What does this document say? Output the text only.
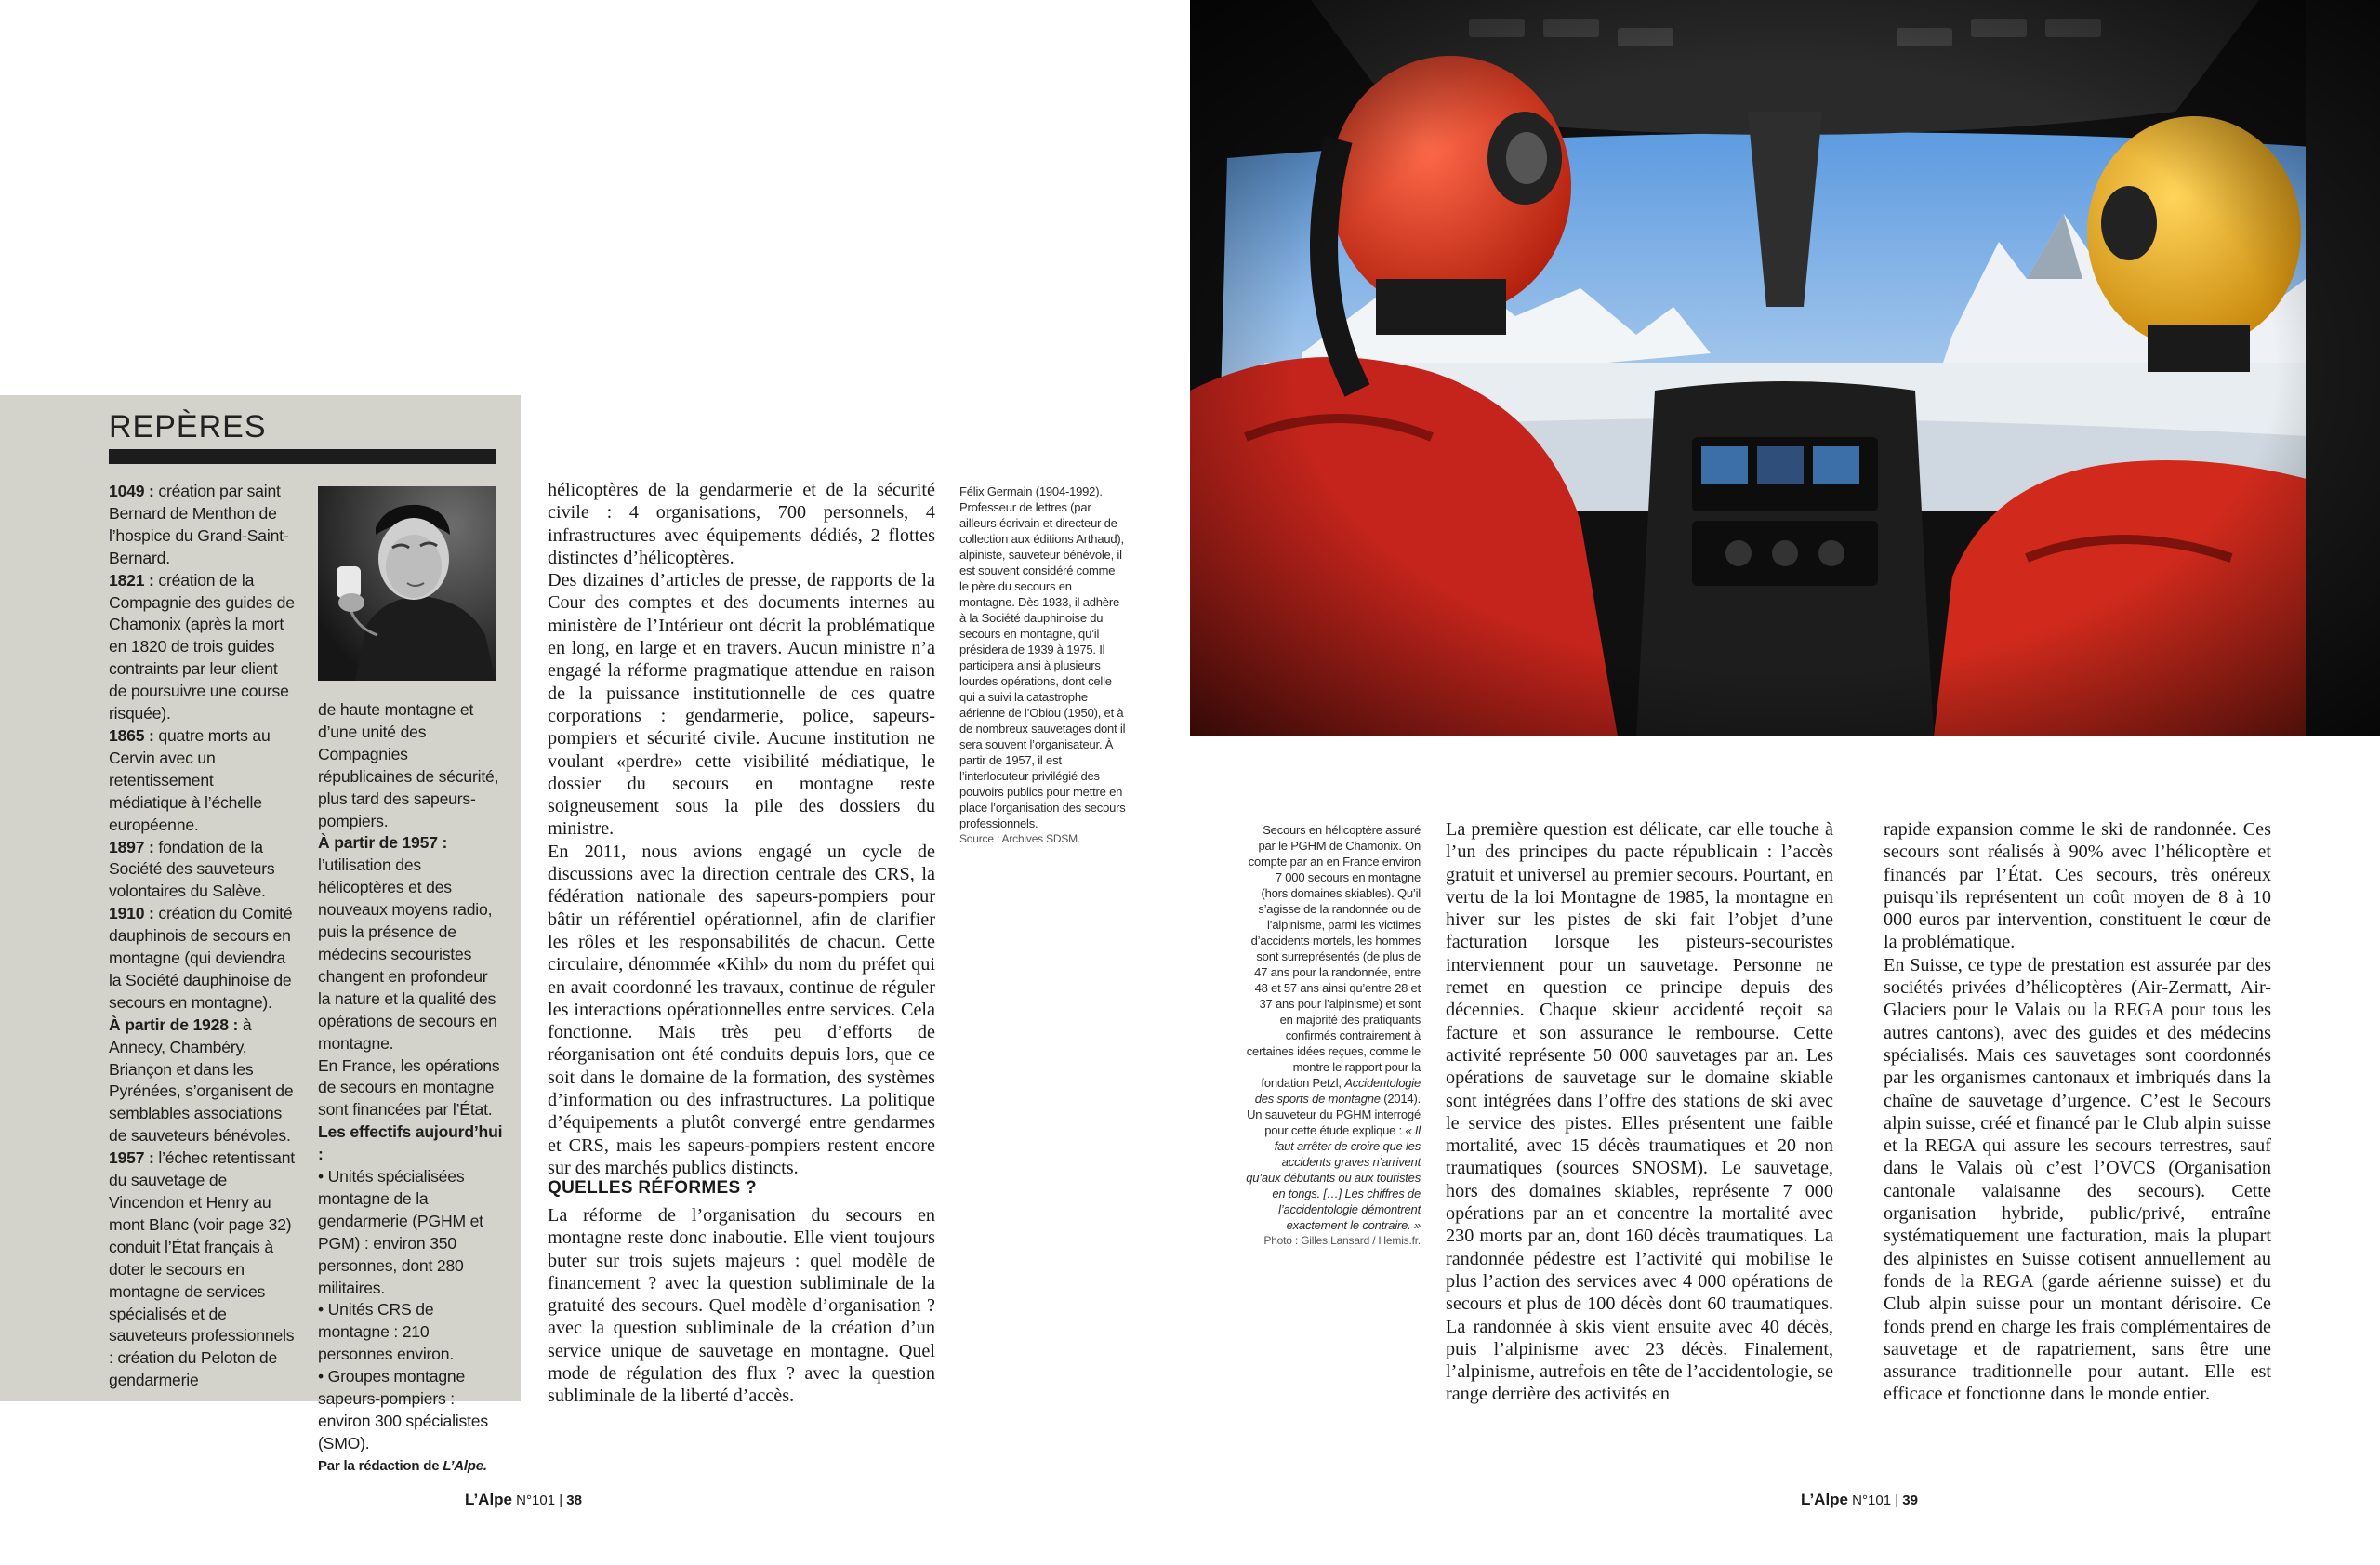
REPÈRES
1049 : création par saint Bernard de Menthon de l’hospice du Grand-Saint-Bernard.
1821 : création de la Compagnie des guides de Chamonix (après la mort en 1820 de trois guides contraints par leur client de poursuivre une course risquée).
1865 : quatre morts au Cervin avec un retentissement médiatique à l’échelle européenne.
1897 : fondation de la Société des sauveteurs volontaires du Salève.
1910 : création du Comité dauphinois de secours en montagne (qui deviendra la Société dauphinoise de secours en montagne).
À partir de 1928 : à Annecy, Chambéry, Briançon et dans les Pyrénées, s’organisent de semblables associations de sauveteurs bénévoles.
1957 : l’échec retentissant du sauvetage de Vincendon et Henry au mont Blanc (voir page 32) conduit l’État français à doter le secours en montagne de services spécialisés et de sauveteurs professionnels : création du Peloton de gendarmerie
de haute montagne et d’une unité des Compagnies républicaines de sécurité, plus tard des sapeurs-pompiers.
À partir de 1957 : l’utilisation des hélicoptères et des nouveaux moyens radio, puis la présence de médecins secouristes changent en profondeur la nature et la qualité des opérations de secours en montagne.
En France, les opérations de secours en montagne sont financées par l’État.
Les effectifs aujourd’hui :
• Unités spécialisées montagne de la gendarmerie (PGHM et PGM) : environ 350 personnes, dont 280 militaires.
• Unités CRS de montagne : 210 personnes environ.
• Groupes montagne sapeurs-pompiers : environ 300 spécialistes (SMO).
Par la rédaction de L’Alpe.
hélicoptères de la gendarmerie et de la sécurité civile : 4 organisations, 700 personnels, 4 infrastructures avec équipements dédiés, 2 flottes distinctes d’hélicoptères.
Des dizaines d’articles de presse, de rapports de la Cour des comptes et des documents internes au ministère de l’Intérieur ont décrit la problématique en long, en large et en travers. Aucun ministre n’a engagé la réforme pragmatique attendue en raison de la puissance institutionnelle de ces quatre corporations : gendarmerie, police, sapeurs-pompiers et sécurité civile. Aucune institution ne voulant «perdre» cette visibilité médiatique, le dossier du secours en montagne reste soigneusement sous la pile des dossiers du ministre.
En 2011, nous avions engagé un cycle de discussions avec la direction centrale des CRS, la fédération nationale des sapeurs-pompiers pour bâtir un référentiel opérationnel, afin de clarifier les rôles et les responsabilités de chacun. Cette circulaire, dénommée «Kihl» du nom du préfet qui en avait coordonné les travaux, continue de réguler les interactions opérationnelles entre services. Cela fonctionne. Mais très peu d’efforts de réorganisation ont été conduits depuis lors, que ce soit dans le domaine de la formation, des systèmes d’information ou des infrastructures. La politique d’équipements a plutôt convergé entre gendarmes et CRS, mais les sapeurs-pompiers restent encore sur des marchés publics distincts.
QUELLES RÉFORMES ?
La réforme de l’organisation du secours en montagne reste donc inaboutie. Elle vient toujours buter sur trois sujets majeurs : quel modèle de financement ? avec la question subliminale de la gratuité des secours. Quel modèle d’organisation ? avec la question subliminale de la création d’un service unique de sauvetage en montagne. Quel mode de régulation des flux ? avec la question subliminale de la liberté d’accès.
Félix Germain (1904-1992). Professeur de lettres (par ailleurs écrivain et directeur de collection aux éditions Arthaud), alpiniste, sauveteur bénévole, il est souvent considéré comme le père du secours en montagne. Dès 1933, il adhère à la Société dauphinoise du secours en montagne, qu’il présidera de 1939 à 1975. Il participera ainsi à plusieurs lourdes opérations, dont celle qui a suivi la catastrophe aérienne de l’Obiou (1950), et à de nombreux sauvetages dont il sera souvent l’organisateur. À partir de 1957, il est l’interlocuteur privilégié des pouvoirs publics pour mettre en place l’organisation des secours professionnels.
Source : Archives SDSM.
Secours en hélicoptère assuré par le PGHM de Chamonix. On compte par an en France environ 7 000 secours en montagne (hors domaines skiables). Qu’il s’agisse de la randonnée ou de l’alpinisme, parmi les victimes d’accidents mortels, les hommes sont surreprésentés (de plus de 47 ans pour la randonnée, entre 48 et 57 ans ainsi qu’entre 28 et 37 ans pour l’alpinisme) et sont en majorité des pratiquants confirmés contrairement à certaines idées reçues, comme le montre le rapport pour la fondation Petzl, Accidentologie des sports de montagne (2014). Un sauveteur du PGHM interrogé pour cette étude explique : « Il faut arrêter de croire que les accidents graves n’arrivent qu’aux débutants ou aux touristes en tongs. […] Les chiffres de l’accidentologie démontrent exactement le contraire. »
Photo : Gilles Lansard / Hemis.fr.
La première question est délicate, car elle touche à l’un des principes du pacte républicain : l’accès gratuit et universel au premier secours. Pourtant, en vertu de la loi Montagne de 1985, la montagne en hiver sur les pistes de ski fait l’objet d’une facturation lorsque les pisteurs-secouristes interviennent pour un sauvetage. Personne ne remet en question ce principe depuis des décennies. Chaque skieur accidenté reçoit sa facture et son assurance le rembourse. Cette activité représente 50 000 sauvetages par an. Les opérations de sauvetage sur le domaine skiable sont intégrées dans l’offre des stations de ski avec le service des pistes. Elles présentent une faible mortalité, avec 15 décès traumatiques et 20 non traumatiques (sources SNOSM). Le sauvetage, hors des domaines skiables, représente 7 000 opérations par an et concentre la mortalité avec 230 morts par an, dont 160 décès traumatiques. La randonnée pédestre est l’activité qui mobilise le plus l’action des services avec 4 000 opérations de secours et plus de 100 décès dont 60 traumatiques. La randonnée à skis vient ensuite avec 40 décès, puis l’alpinisme avec 23 décès. Finalement, l’alpinisme, autrefois en tête de l’accidentologie, se range derrière des activités en
rapide expansion comme le ski de randonnée. Ces secours sont réalisés à 90% avec l’hélicoptère et financés par l’État. Ces secours, très onéreux puisqu’ils représentent un coût moyen de 8 à 10 000 euros par intervention, constituent le cœur de la problématique.
En Suisse, ce type de prestation est assurée par des sociétés privées d’hélicoptères (Air-Zermatt, Air-Glaciers pour le Valais ou la REGA pour tous les autres cantons), avec des guides et des médecins spécialisés. Mais ces sauvetages sont coordonnés par les organismes cantonaux et imbriqués dans la chaîne de sauvetage d’urgence. C’est le Secours alpin suisse, créé et financé par le Club alpin suisse et la REGA qui assure les secours terrestres, sauf dans le Valais où c’est l’OVCS (Organisation cantonale valaisanne des secours). Cette organisation hybride, public/privé, entraîne systématiquement une facturation, mais la plupart des alpinistes en Suisse cotisent annuellement au fonds de la REGA (garde aérienne suisse) et du Club alpin suisse pour un montant dérisoire. Ce fonds prend en charge les frais complémentaires de sauvetage et de rapatriement, sans être une assurance traditionnelle pour autant. Elle est efficace et fonctionne dans le monde entier.
L’Alpe N°101 | 38	L’Alpe N°101 | 39
